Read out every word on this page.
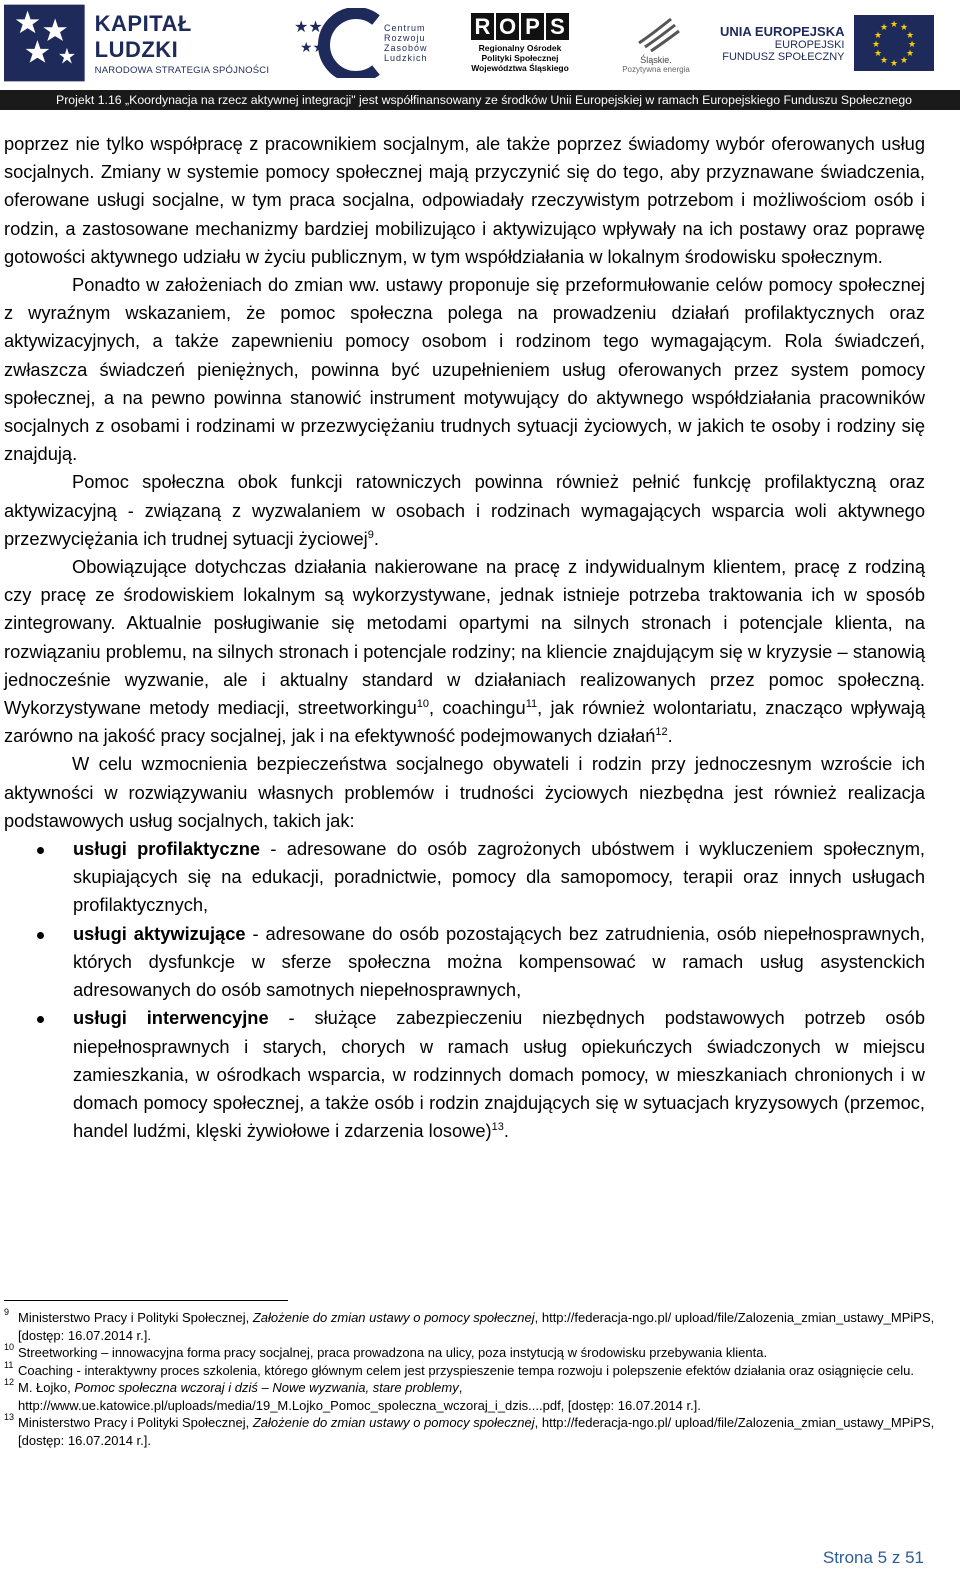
KAPITAŁ LUDZKI
NARODOWA STRATEGIA SPÓJNOŚCI
★★
★★
Centrum
Rozwoju
Zasobów
Ludzkich
R O P S
Regionalny Ośrodek
Polityki Społecznej
Województwa Śląskiego
Śląskie.
Pozytywna energia
UNIA EUROPEJSKA
EUROPEJSKI
FUNDUSZ SPOŁECZNY
★ ★
★
★
★
★
★
★
★
★
★
★
Projekt 1.16 „Koordynacja na rzecz aktywnej integracji" jest współfinansowany ze środków Unii Europejskiej w ramach Europejskiego Funduszu Społecznego

poprzez nie tylko współpracę z pracownikiem socjalnym, ale także poprzez świadomy wybór oferowanych usług socjalnych. Zmiany w systemie pomocy społecznej mają przyczynić się do tego, aby przyznawane świadczenia, oferowane usługi socjalne, w tym praca socjalna, odpowiadały rzeczywistym potrzebom i możliwościom osób i rodzin, a zastosowane mechanizmy bardziej mobilizująco i aktywizująco wpływały na ich postawy oraz poprawę gotowości aktywnego udziału w życiu publicznym, w tym współdziałania w lokalnym środowisku społecznym.

Ponadto w założeniach do zmian ww. ustawy proponuje się przeformułowanie celów pomocy społecznej z wyraźnym wskazaniem, że pomoc społeczna polega na prowadzeniu działań profilaktycznych oraz aktywizacyjnych, a także zapewnieniu pomocy osobom i rodzinom tego wymagającym. Rola świadczeń, zwłaszcza świadczeń pieniężnych, powinna być uzupełnieniem usług oferowanych przez system pomocy społecznej, a na pewno powinna stanowić instrument motywujący do aktywnego współdziałania pracowników socjalnych z osobami i rodzinami w przezwyciężaniu trudnych sytuacji życiowych, w jakich te osoby i rodziny się znajdują.

Pomoc społeczna obok funkcji ratowniczych powinna również pełnić funkcję profilaktyczną oraz aktywizacyjną - związaną z wyzwalaniem w osobach i rodzinach wymagających wsparcia woli aktywnego przezwyciężania ich trudnej sytuacji życiowej$^9$.

Obowiązujące dotychczas działania nakierowane na pracę z indywidualnym klientem, pracę z rodziną czy pracę ze środowiskiem lokalnym są wykorzystywane, jednak istnieje potrzeba traktowania ich w sposób zintegrowany. Aktualnie posługiwanie się metodami opartymi na silnych stronach i potencjale klienta, na rozwiązaniu problemu, na silnych stronach i potencjale rodziny; na kliencie znajdującym się w kryzysie – stanowią jednocześnie wyzwanie, ale i aktualny standard w działaniach realizowanych przez pomoc społeczną. Wykorzystywane metody mediacji, streetworkingu$^{10}$, coachingu$^{11}$, jak również wolontariatu, znacząco wpływają zarówno na jakość pracy socjalnej, jak i na efektywność podejmowanych działań$^{12}$.

W celu wzmocnienia bezpieczeństwa socjalnego obywateli i rodzin przy jednoczesnym wzroście ich aktywności w rozwiązywaniu własnych problemów i trudności życiowych niezbędna jest również realizacja podstawowych usług socjalnych, takich jak:

usługi profilaktyczne - adresowane do osób zagrożonych ubóstwem i wykluczeniem społecznym, skupiających się na edukacji, poradnictwie, pomocy dla samopomocy, terapii oraz innych usługach profilaktycznych,
usługi aktywizujące - adresowane do osób pozostających bez zatrudnienia, osób niepełnosprawnych, których dysfunkcje w sferze społeczna można kompensować w ramach usług asystenckich adresowanych do osób samotnych niepełnosprawnych,
usługi interwencyjne - służące zabezpieczeniu niezbędnych podstawowych potrzeb osób niepełnosprawnych i starych, chorych w ramach usług opiekuńczych świadczonych w miejscu zamieszkania, w ośrodkach wsparcia, w rodzinnych domach pomocy, w mieszkaniach chronionych i w domach pomocy społecznej, a także osób i rodzin znajdujących się w sytuacjach kryzysowych (przemoc, handel ludźmi, klęski żywiołowe i zdarzenia losowe)$^{13}$.
9 Ministerstwo Pracy i Polityki Społecznej, Założenie do zmian ustawy o pomocy społecznej, http://federacja-ngo.pl/ upload/file/Zalozenia_zmian_ustawy_MPiPS, [dostęp: 16.07.2014 r.].
10 Streetworking – innowacyjna forma pracy socjalnej, praca prowadzona na ulicy, poza instytucją w środowisku przebywania klienta.
11 Coaching - interaktywny proces szkolenia, którego głównym celem jest przyspieszenie tempa rozwoju i polepszenie efektów działania oraz osiągnięcie celu.
12 M. Łojko, Pomoc społeczna wczoraj i dziś – Nowe wyzwania, stare problemy, http://www.ue.katowice.pl/uploads/media/19_M.Lojko_Pomoc_spoleczna_wczoraj_i_dzis....pdf, [dostęp: 16.07.2014 r.].
13 Ministerstwo Pracy i Polityki Społecznej, Założenie do zmian ustawy o pomocy społecznej, http://federacja-ngo.pl/ upload/file/Zalozenia_zmian_ustawy_MPiPS, [dostęp: 16.07.2014 r.].
Strona 5 z 51
